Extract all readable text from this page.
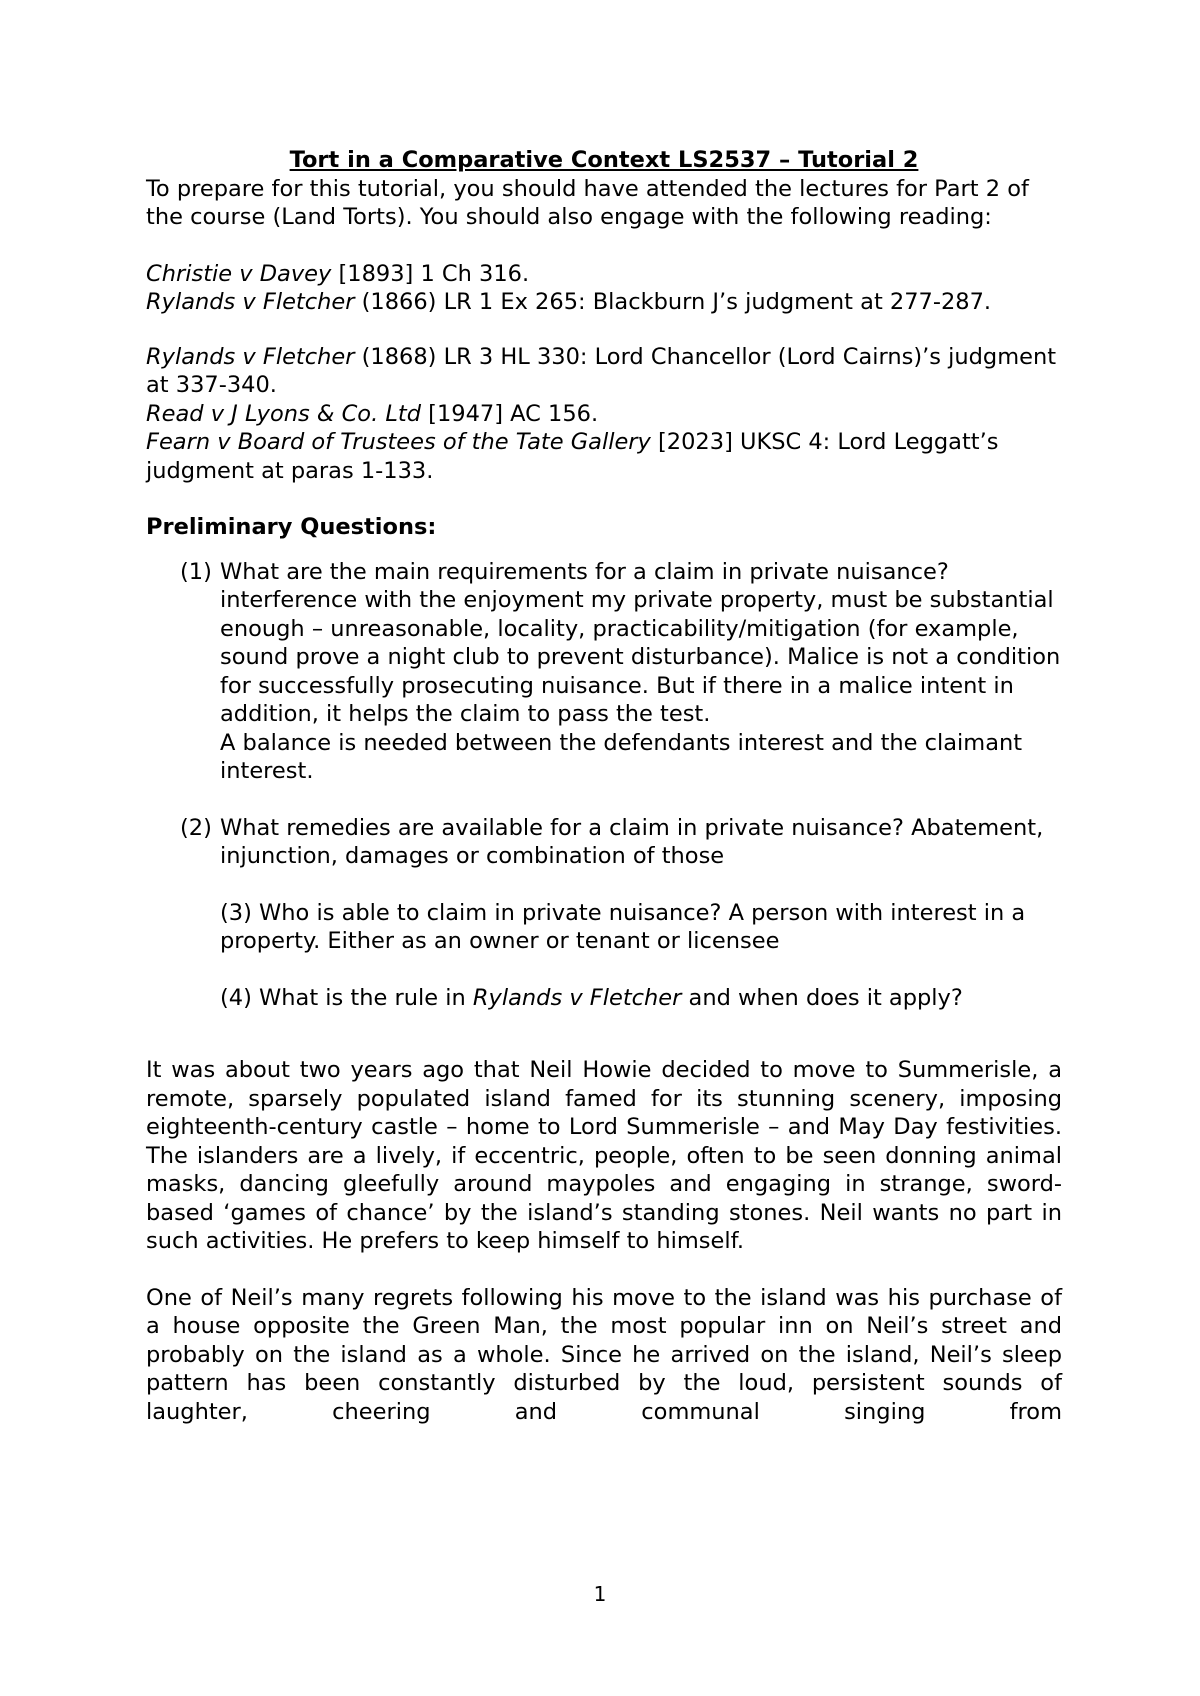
Tort in a Comparative Context LS2537 – Tutorial 2

To prepare for this tutorial, you should have attended the lectures for Part 2 of the course (Land Torts). You should also engage with the following reading:

Christie v Davey [1893] 1 Ch 316.

Rylands v Fletcher (1866) LR 1 Ex 265: Blackburn J’s judgment at 277-287.

Rylands v Fletcher (1868) LR 3 HL 330: Lord Chancellor (Lord Cairns)’s judgment at 337-340.

Read v J Lyons & Co. Ltd [1947] AC 156.

Fearn v Board of Trustees of the Tate Gallery [2023] UKSC 4: Lord Leggatt’s judgment at paras 1-133.

Preliminary Questions:

(1) What are the main requirements for a claim in private nuisance? interference with the enjoyment my private property, must be substantial enough – unreasonable, locality, practicability/mitigation (for example, sound prove a night club to prevent disturbance). Malice is not a condition for successfully prosecuting nuisance. But if there in a malice intent in addition, it helps the claim to pass the test.

A balance is needed between the defendants interest and the claimant interest.

(2) What remedies are available for a claim in private nuisance? Abatement, injunction, damages or combination of those

(3) Who is able to claim in private nuisance? A person with interest in a property. Either as an owner or tenant or licensee

(4) What is the rule in Rylands v Fletcher and when does it apply?

It was about two years ago that Neil Howie decided to move to Summerisle, a remote, sparsely populated island famed for its stunning scenery, imposing eighteenth-century castle – home to Lord Summerisle – and May Day festivities. The islanders are a lively, if eccentric, people, often to be seen donning animal masks, dancing gleefully around maypoles and engaging in strange, sword-based ‘games of chance’ by the island’s standing stones. Neil wants no part in such activities. He prefers to keep himself to himself.

One of Neil’s many regrets following his move to the island was his purchase of a house opposite the Green Man, the most popular inn on Neil’s street and probably on the island as a whole. Since he arrived on the island, Neil’s sleep pattern has been constantly disturbed by the loud, persistent sounds of laughter, cheering and communal singing from

1
